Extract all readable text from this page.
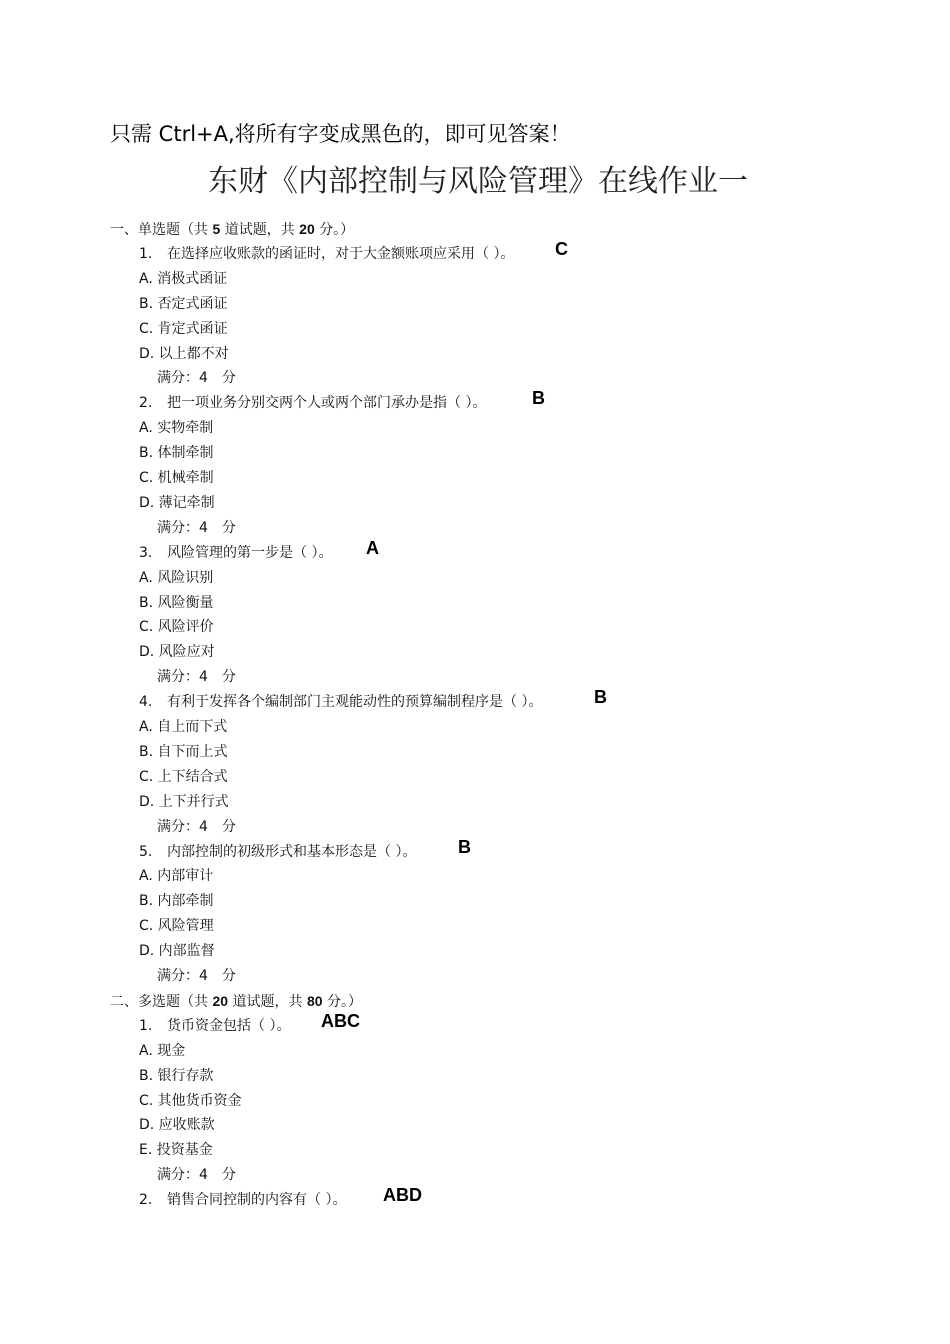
只需 Ctrl+A,将所有字变成黑色的，即可见答案！
东财《内部控制与风险管理》在线作业一
一、单选题（共 5 道试题，共 20 分。）
1. 在选择应收账款的函证时，对于大金额账项应采用（ ）。 C
A. 消极式函证
B. 否定式函证
C. 肯定式函证
D. 以上都不对
满分：4　分
2. 把一项业务分别交两个人或两个部门承办是指（ ）。	B
A. 实物牵制
B. 体制牵制
C. 机械牵制
D. 薄记牵制
满分：4　分
3. 风险管理的第一步是（ ）。 A
A. 风险识别
B. 风险衡量
C. 风险评价
D. 风险应对
满分：4　分
4. 有利于发挥各个编制部门主观能动性的预算编制程序是（ ）。	B
A. 自上而下式
B. 自下而上式
C. 上下结合式
D. 上下并行式
满分：4　分
5. 内部控制的初级形式和基本形态是（ ）。 B
A. 内部审计
B. 内部牵制
C. 风险管理
D. 内部监督
满分：4　分
二、多选题（共 20 道试题，共 80 分。）
1. 货币资金包括（ ）。 ABC
A. 现金
B. 银行存款
C. 其他货币资金
D. 应收账款
E. 投资基金
满分：4　分
2. 销售合同控制的内容有（ ）。 ABD
